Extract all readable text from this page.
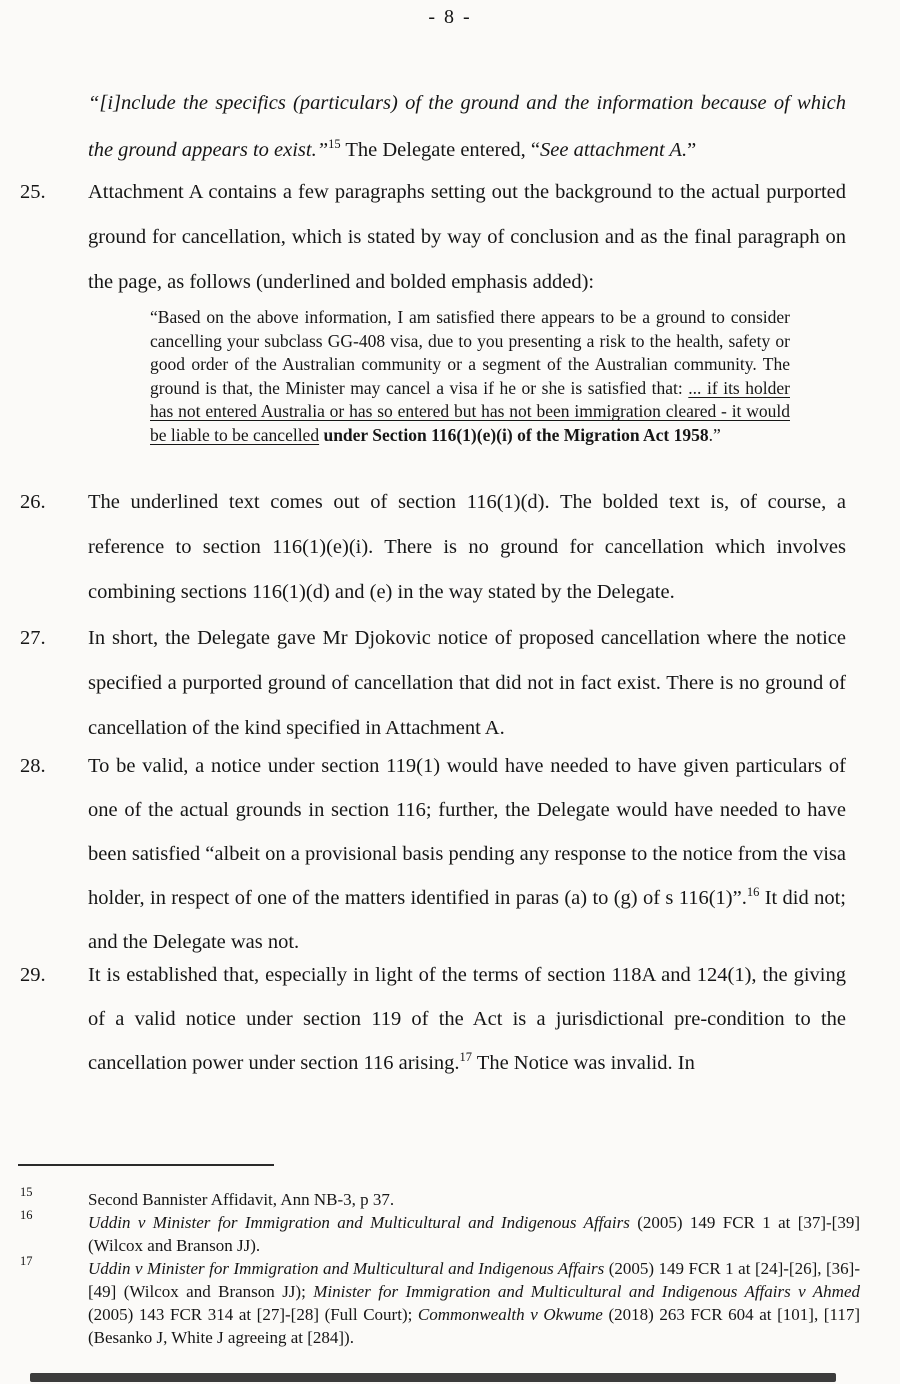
- 8 -
“[i]nclude the specifics (particulars) of the ground and the information because of which the ground appears to exist.”$^{15}$ The Delegate entered, “See attachment A.”
25. Attachment A contains a few paragraphs setting out the background to the actual purported ground for cancellation, which is stated by way of conclusion and as the final paragraph on the page, as follows (underlined and bolded emphasis added):
“Based on the above information, I am satisfied there appears to be a ground to consider cancelling your subclass GG-408 visa, due to you presenting a risk to the health, safety or good order of the Australian community or a segment of the Australian community. The ground is that, the Minister may cancel a visa if he or she is satisfied that: ... if its holder has not entered Australia or has so entered but has not been immigration cleared - it would be liable to be cancelled under Section 116(1)(e)(i) of the Migration Act 1958.”
26. The underlined text comes out of section 116(1)(d). The bolded text is, of course, a reference to section 116(1)(e)(i). There is no ground for cancellation which involves combining sections 116(1)(d) and (e) in the way stated by the Delegate.
27. In short, the Delegate gave Mr Djokovic notice of proposed cancellation where the notice specified a purported ground of cancellation that did not in fact exist. There is no ground of cancellation of the kind specified in Attachment A.
28. To be valid, a notice under section 119(1) would have needed to have given particulars of one of the actual grounds in section 116; further, the Delegate would have needed to have been satisfied “albeit on a provisional basis pending any response to the notice from the visa holder, in respect of one of the matters identified in paras (a) to (g) of s 116(1)”.$^{16}$ It did not; and the Delegate was not.
29. It is established that, especially in light of the terms of section 118A and 124(1), the giving of a valid notice under section 119 of the Act is a jurisdictional pre-condition to the cancellation power under section 116 arising.$^{17}$ The Notice was invalid. In
15	Second Bannister Affidavit, Ann NB-3, p 37.
16	Uddin v Minister for Immigration and Multicultural and Indigenous Affairs (2005) 149 FCR 1 at [37]-[39] (Wilcox and Branson JJ).
17	Uddin v Minister for Immigration and Multicultural and Indigenous Affairs (2005) 149 FCR 1 at [24]-[26], [36]-[49] (Wilcox and Branson JJ); Minister for Immigration and Multicultural and Indigenous Affairs v Ahmed (2005) 143 FCR 314 at [27]-[28] (Full Court); Commonwealth v Okwume (2018) 263 FCR 604 at [101], [117] (Besanko J, White J agreeing at [284]).
